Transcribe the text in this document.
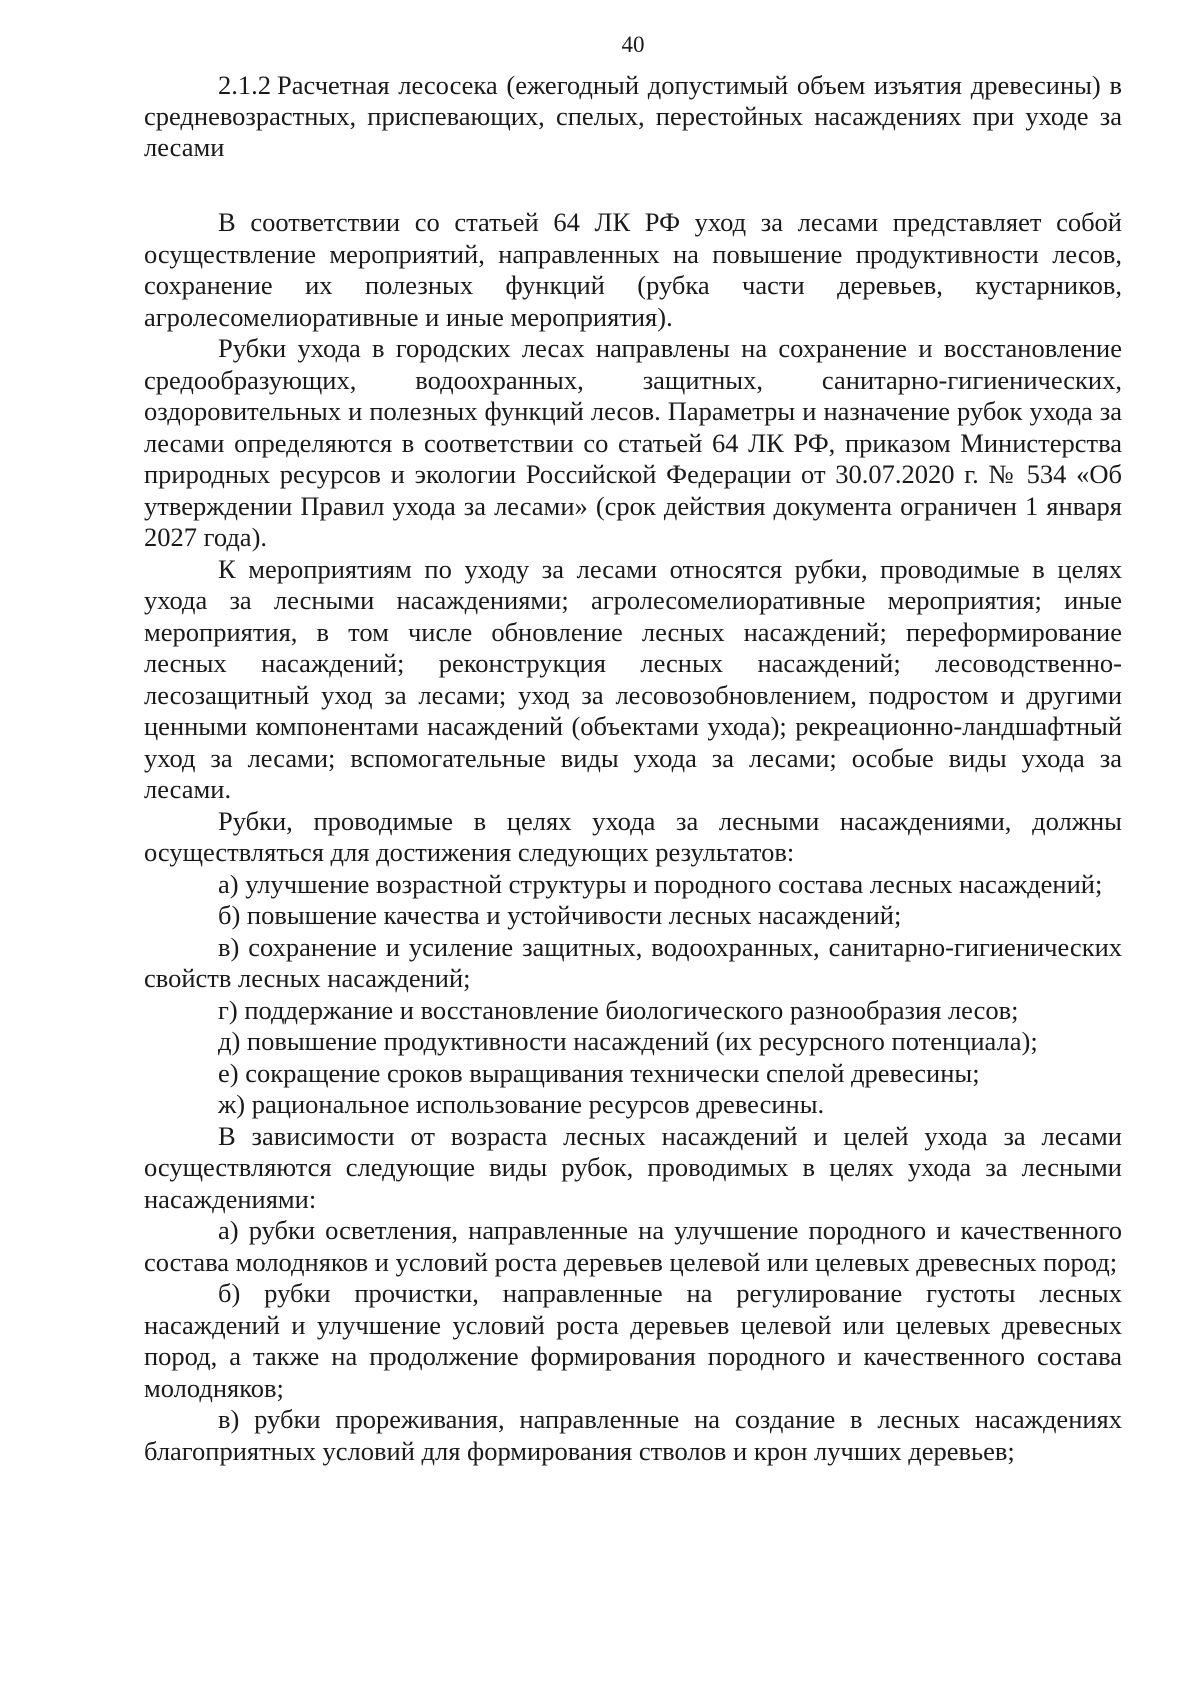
40

2.1.2 Расчетная лесосека (ежегодный допустимый объем изъятия древесины) в средневозрастных, приспевающих, спелых, перестойных насаждениях при уходе за лесами

В соответствии со статьей 64 ЛК РФ уход за лесами представляет собой осуществление мероприятий, направленных на повышение продуктивности лесов, сохранение их полезных функций (рубка части деревьев, кустарников, агролесомелиоративные и иные мероприятия).

Рубки ухода в городских лесах направлены на сохранение и восстановление средообразующих, водоохранных, защитных, санитарно-гигиенических, оздоровительных и полезных функций лесов. Параметры и назначение рубок ухода за лесами определяются в соответствии со статьей 64 ЛК РФ, приказом Министерства природных ресурсов и экологии Российской Федерации от 30.07.2020 г. № 534 «Об утверждении Правил ухода за лесами» (срок действия документа ограничен 1 января 2027 года).

К мероприятиям по уходу за лесами относятся рубки, проводимые в целях ухода за лесными насаждениями; агролесомелиоративные мероприятия; иные мероприятия, в том числе обновление лесных насаждений; переформирование лесных насаждений; реконструкция лесных насаждений; лесоводственно-лесозащитный уход за лесами; уход за лесовозобновлением, подростом и другими ценными компонентами насаждений (объектами ухода); рекреационно-ландшафтный уход за лесами; вспомогательные виды ухода за лесами; особые виды ухода за лесами.

Рубки, проводимые в целях ухода за лесными насаждениями, должны осуществляться для достижения следующих результатов:

а) улучшение возрастной структуры и породного состава лесных насаждений;

б) повышение качества и устойчивости лесных насаждений;

в) сохранение и усиление защитных, водоохранных, санитарно-гигиенических свойств лесных насаждений;

г) поддержание и восстановление биологического разнообразия лесов;

д) повышение продуктивности насаждений (их ресурсного потенциала);

е) сокращение сроков выращивания технически спелой древесины;

ж) рациональное использование ресурсов древесины.

В зависимости от возраста лесных насаждений и целей ухода за лесами осуществляются следующие виды рубок, проводимых в целях ухода за лесными насаждениями:

а) рубки осветления, направленные на улучшение породного и качественного состава молодняков и условий роста деревьев целевой или целевых древесных пород;

б) рубки прочистки, направленные на регулирование густоты лесных насаждений и улучшение условий роста деревьев целевой или целевых древесных пород, а также на продолжение формирования породного и качественного состава молодняков;

в) рубки прореживания, направленные на создание в лесных насаждениях благоприятных условий для формирования стволов и крон лучших деревьев;
